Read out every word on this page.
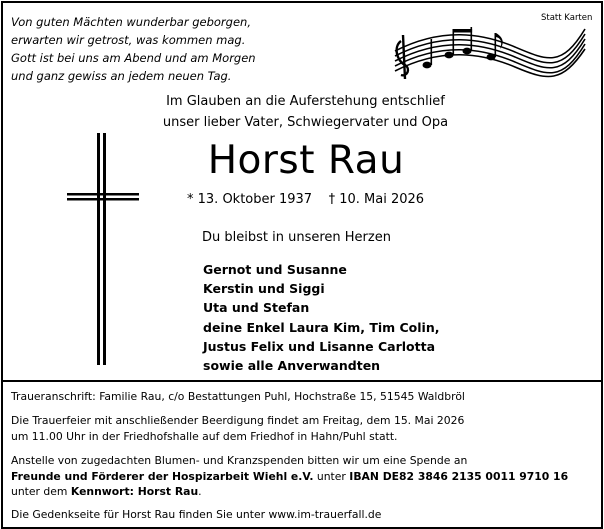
Von guten Mächten wunderbar geborgen,
erwarten wir getrost, was kommen mag.
Gott ist bei uns am Abend und am Morgen
und ganz gewiss an jedem neuen Tag.
Statt Karten
Im Glauben an die Auferstehung entschlief
unser lieber Vater, Schwiegervater und Opa
Horst Rau
* 13. Oktober 1937 † 10. Mai 2026
Du bleibst in unseren Herzen
Gernot und Susanne
Kerstin und Siggi
Uta und Stefan
deine Enkel Laura Kim, Tim Colin,
Justus Felix und Lisanne Carlotta
sowie alle Anverwandten
Traueranschrift: Familie Rau, c/o Bestattungen Puhl, Hochstraße 15, 51545 Waldbröl
Die Trauerfeier mit anschließender Beerdigung findet am Freitag, dem 15. Mai 2026
um 11.00 Uhr in der Friedhofshalle auf dem Friedhof in Hahn/Puhl statt.
Anstelle von zugedachten Blumen- und Kranzspenden bitten wir um eine Spende an
Freunde und Förderer der Hospizarbeit Wiehl e.V. unter IBAN DE82 3846 2135 0011 9710 16
unter dem Kennwort: Horst Rau.
Die Gedenkseite für Horst Rau finden Sie unter www.im-trauerfall.de
